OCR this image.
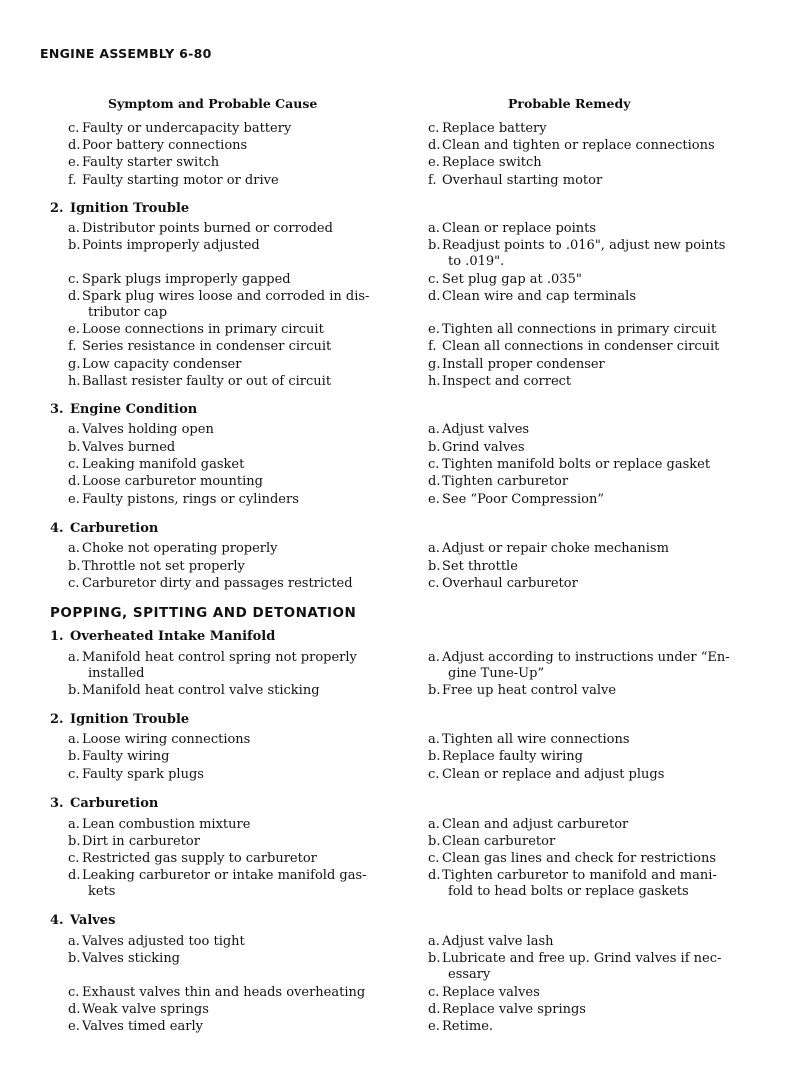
ENGINE ASSEMBLY 6-80
Symptom and Probable Cause	Probable Remedy
c. Faulty or undercapacity battery
d. Poor battery connections
e. Faulty starter switch
f. Faulty starting motor or drive
c. Replace battery
d. Clean and tighten or replace connections
e. Replace switch
f. Overhaul starting motor
2. Ignition Trouble
a. Distributor points burned or corroded
b. Points improperly adjusted
c. Spark plugs improperly gapped
d. Spark plug wires loose and corroded in dis-
tributor cap
e. Loose connections in primary circuit
f. Series resistance in condenser circuit
g. Low capacity condenser
h.Ballast resister faulty or out of circuit
a. Clean or replace points
b. Readjust points to .016", adjust new points
to .019".
c. Set plug gap at .035"
d. Clean wire and cap terminals
e. Tighten all connections in primary circuit
f. Clean all connections in condenser circuit
g. Install proper condenser
h.Inspect and correct
3. Engine Condition
a. Valves holding open
b. Valves burned
c. Leaking manifold gasket
d. Loose carburetor mounting
e. Faulty pistons, rings or cylinders
a. Adjust valves
b. Grind valves
c. Tighten manifold bolts or replace gasket
d. Tighten carburetor
e. See “Poor Compression”
4. Carburetion
a. Choke not operating properly
b. Throttle not set properly
c. Carburetor dirty and passages restricted
a. Adjust or repair choke mechanism
b. Set throttle
c. Overhaul carburetor
POPPING, SPITTING AND DETONATION
1. Overheated Intake Manifold
a. Manifold heat control spring not properly
installed
b. Manifold heat control valve sticking
a. Adjust according to instructions under “En-
gine Tune-Up”
b. Free up heat control valve
2. Ignition Trouble
a. Loose wiring connections
b. Faulty wiring
c. Faulty spark plugs
a. Tighten all wire connections
b. Replace faulty wiring
c. Clean or replace and adjust plugs
3. Carburetion
a. Lean combustion mixture
b. Dirt in carburetor
c. Restricted gas supply to carburetor
d. Leaking carburetor or intake manifold gas-
kets
a. Clean and adjust carburetor
b. Clean carburetor
c. Clean gas lines and check for restrictions
d. Tighten carburetor to manifold and mani-
fold to head bolts or replace gaskets
4. Valves
a. Valves adjusted too tight
b. Valves sticking
c. Exhaust valves thin and heads overheating
d. Weak valve springs
e. Valves timed early
a. Adjust valve lash
b. Lubricate and free up. Grind valves if nec-
essary
c. Replace valves
d. Replace valve springs
e. Retime.
